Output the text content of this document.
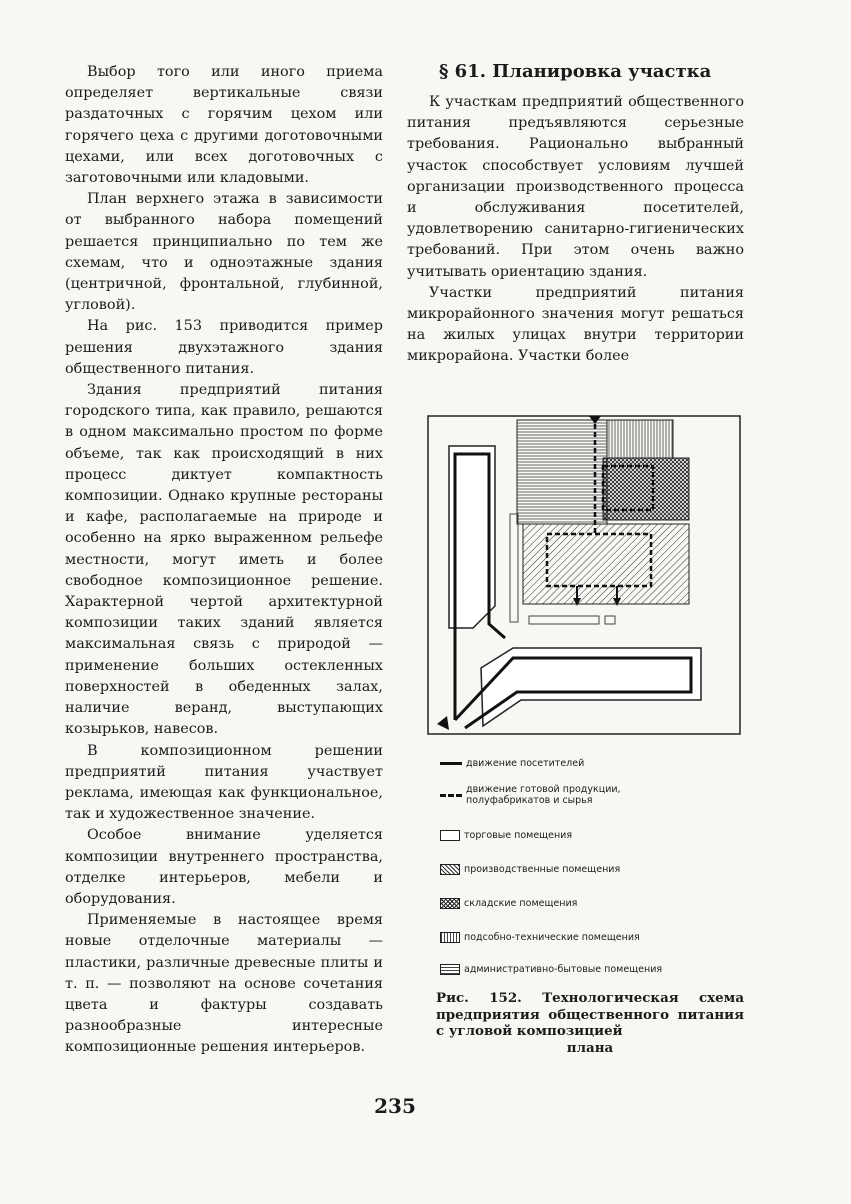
Выбор того или иного приема определяет вертикальные связи раздаточных с горячим цехом или горячего цеха с другими доготовочными цехами, или всех доготовочных с заготовочными или кладовыми.

План верхнего этажа в зависимости от выбранного набора помещений решается принципиально по тем же схемам, что и одноэтажные здания (центричной, фронтальной, глубинной, угловой).

На рис. 153 приводится пример решения двухэтажного здания общественного питания.

Здания предприятий питания городского типа, как правило, решаются в одном максимально простом по форме объеме, так как происходящий в них процесс диктует компактность композиции. Однако крупные рестораны и кафе, располагаемые на природе и особенно на ярко выраженном рельефе местности, могут иметь и более свободное композиционное решение. Характерной чертой архитектурной композиции таких зданий является максимальная связь с природой — применение больших остекленных поверхностей в обеденных залах, наличие веранд, выступающих козырьков, навесов.

В композиционном решении предприятий питания участвует реклама, имеющая как функциональное, так и художественное значение.

Особое внимание уделяется композиции внутреннего пространства, отделке интерьеров, мебели и оборудования.

Применяемые в настоящее время новые отделочные материалы — пластики, различные древесные плиты и т. п. — позволяют на основе сочетания цвета и фактуры создавать разнообразные интересные композиционные решения интерьеров.

§ 61. Планировка участка

К участкам предприятий общественного питания предъявляются серьезные требования. Рационально выбранный участок способствует условиям лучшей организации производственного процесса и обслуживания посетителей, удовлетворению санитарно-гигиенических требований. При этом очень важно учитывать ориентацию здания.

Участки предприятий питания микрорайонного значения могут решаться на жилых улицах внутри территории микрорайона. Участки более

движение посетителей
движение готовой продукции, полуфабрикатов и сырья
торговые помещения
производственные помещения
складские помещения
подсобно-технические помещения
административно-бытовые помещения
Рис. 152. Технологическая схема предприятия общественного питания с угловой композицией
плана
235
